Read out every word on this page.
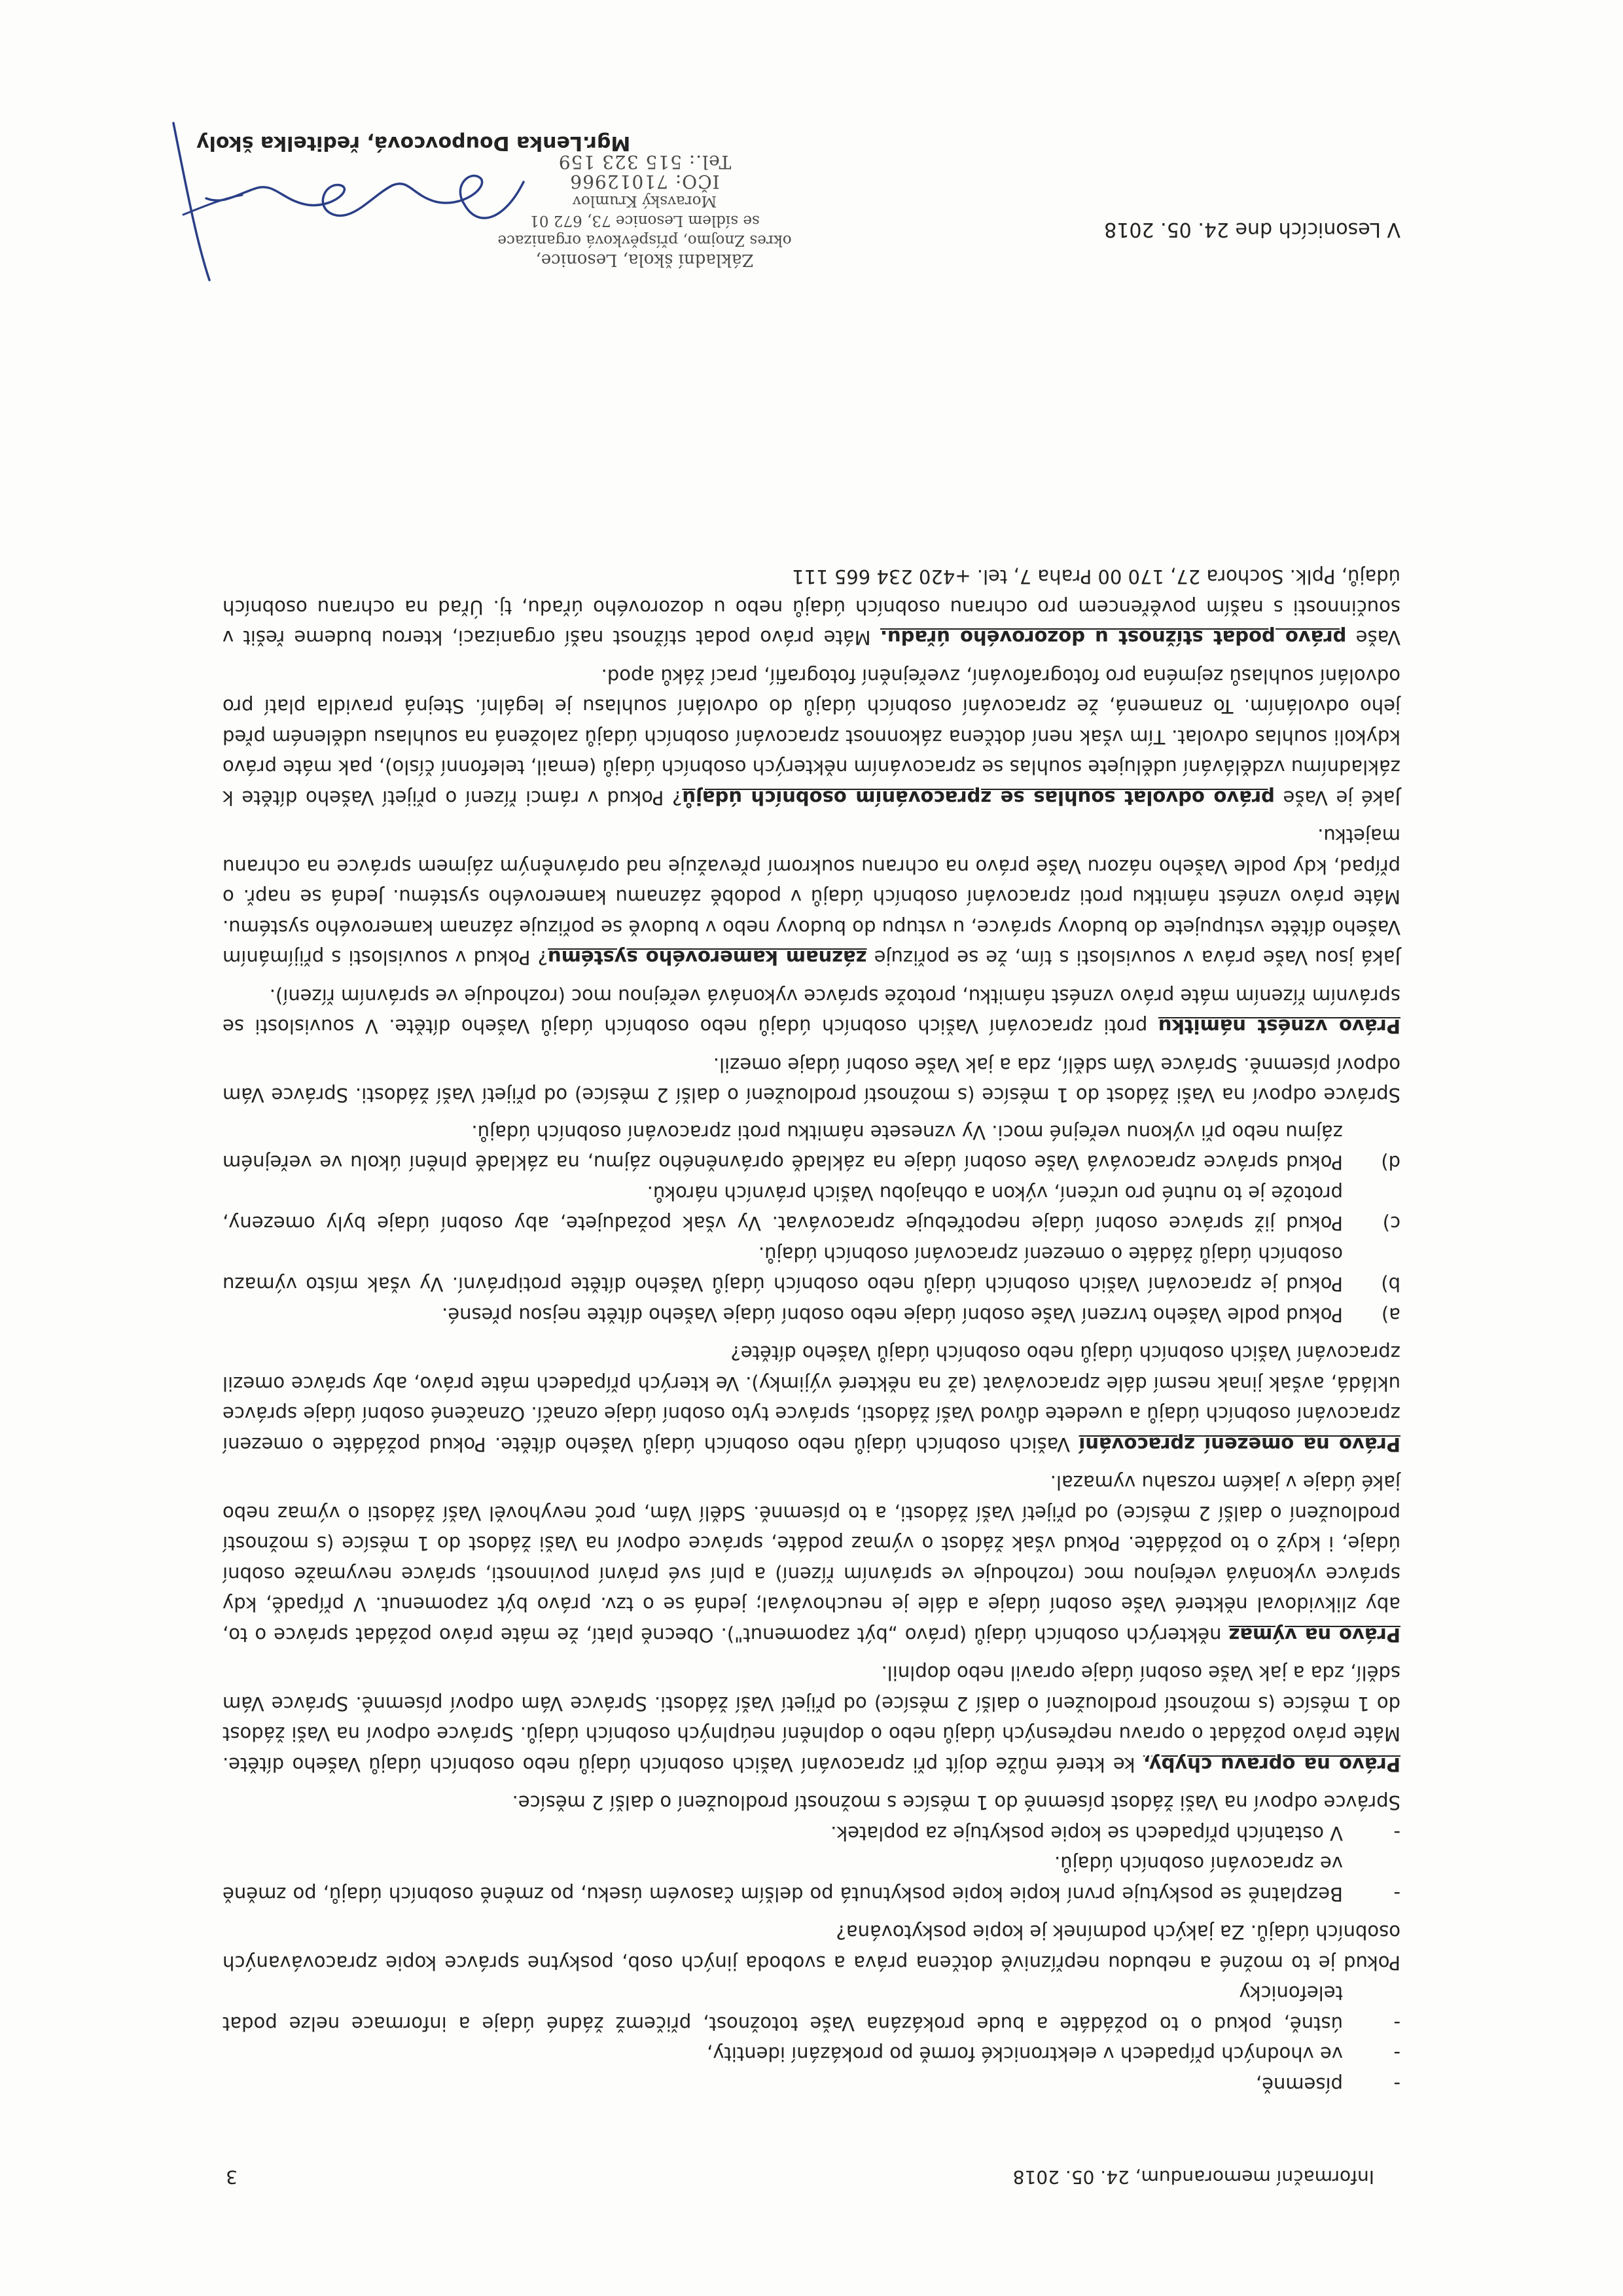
Informační memorandum, 24. 05. 2018
3
-
písemně,
-
ve vhodných případech v elektronické formě po prokázání identity,
-
ústně, pokud o to požádáte a bude prokázána Vaše totožnost, přičemž žádné údaje a informace nelze podat telefonicky

Pokud je to možné a nebudou nepříznivě dotčena práva a svoboda jiných osob, poskytne správce kopie zpracovávaných osobních údajů. Za jakých podmínek je kopie poskytována?

-
Bezplatně se poskytuje první kopie kopie poskytnutá po delším časovém úseku, po změně osobních údajů, po změně ve zpracování osobních údajů.
-
V ostatních případech se kopie poskytuje za poplatek.

Správce odpoví na Vaši žádost písemně do 1 měsíce s možností prodloužení o další 2 měsíce.

Právo na opravu chyby, ke které může dojít při zpracování Vašich osobních údajů nebo osobních údajů Vašeho dítěte. Máte právo požádat o opravu nepřesných údajů nebo o doplnění neúplných osobních údajů. Správce odpoví na Vaši žádost do 1 měsíce (s možností prodloužení o další 2 měsíce) od přijetí Vaší žádosti. Správce Vám odpoví písemně. Správce Vám sdělí, zda a jak Vaše osobní údaje opravil nebo doplnil.

Právo na výmaz některých osobních údajů (právo „být zapomenut"). Obecně platí, že máte právo požádat správce o to, aby zlikvidoval některé Vaše osobní údaje a dále je neuchovával; jedná se o tzv. právo být zapomenut. V případě, kdy správce vykonává veřejnou moc (rozhoduje ve správním řízení) a plní své právní povinnosti, správce nevymaže osobní údaje, i když o to požádáte. Pokud však žádost o výmaz podáte, správce odpoví na Vaši žádost do 1 měsíce (s možností prodloužení o další 2 měsíce) od přijetí Vaší žádosti, a to písemně. Sdělí Vám, proč nevyhověl Vaší žádosti o výmaz nebo jaké údaje v jakém rozsahu vymazal.

Právo na omezení zpracování Vašich osobních údajů nebo osobních údajů Vašeho dítěte. Pokud požádáte o omezení zpracování osobních údajů a uvedete důvod Vaší žádosti, správce tyto osobní údaje označí. Označené osobní údaje správce ukládá, avšak jinak nesmí dále zpracovávat (až na některé výjimky). Ve kterých případech máte právo, aby správce omezil zpracování Vašich osobních údajů nebo osobních údajů Vašeho dítěte?

a)
Pokud podle Vašeho tvrzení Vaše osobní údaje nebo osobní údaje Vašeho dítěte nejsou přesné.
b)
Pokud je zpracování Vašich osobních údajů nebo osobních údajů Vašeho dítěte protiprávní. Vy však místo výmazu osobních údajů žádáte o omezení zpracování osobních údajů.
c)
Pokud již správce osobní údaje nepotřebuje zpracovávat. Vy však požadujete, aby osobní údaje byly omezeny, protože je to nutné pro určení, výkon a obhajobu Vašich právních nároků.
d)
Pokud správce zpracovává Vaše osobní údaje na základě oprávněného zájmu, na základě plnění úkolu ve veřejném zájmu nebo při výkonu veřejné moci. Vy vznesete námitku proti zpracování osobních údajů.

Správce odpoví na Vaši žádost do 1 měsíce (s možností prodloužení o další 2 měsíce) od přijetí Vaší žádosti. Správce Vám odpoví písemně. Správce Vám sdělí, zda a jak Vaše osobní údaje omezil.

Právo vznést námitku proti zpracování Vašich osobních údajů nebo osobních údajů Vašeho dítěte. V souvislosti se správním řízením máte právo vznést námitku, protože správce vykonává veřejnou moc (rozhoduje ve správním řízení).

Jaká jsou Vaše práva v souvislosti s tím, že se pořizuje záznam kamerového systému? Pokud v souvislosti s přijímáním Vašeho dítěte vstupujete do budovy správce, u vstupu do budovy nebo v budově se pořizuje záznam kamerového systému. Máte právo vznést námitku proti zpracování osobních údajů v podobě záznamu kamerového systému. Jedná se např. o případ, kdy podle Vašeho názoru Vaše právo na ochranu soukromí převažuje nad oprávněným zájmem správce na ochranu majetku.

Jaké je Vaše právo odvolat souhlas se zpracováním osobních údajů? Pokud v rámci řízení o přijetí Vašeho dítěte k základnímu vzdělávání udělujete souhlas se zpracováním některých osobních údajů (email, telefonní číslo), pak máte právo kdykoli souhlas odvolat. Tím však není dotčena zákonnost zpracování osobních údajů založená na souhlasu uděleném před jeho odvoláním. To znamená, že zpracování osobních údajů do odvolání souhlasu je legální. Stejná pravidla platí pro odvolání souhlasů zejména pro fotografování, zveřejnění fotografií, prací žáků apod.

Vaše právo podat stížnost u dozorového úřadu. Máte právo podat stížnost naší organizaci, kterou budeme řešit v součinnosti s naším pověřencem pro ochranu osobních údajů nebo u dozorového úřadu, tj. Úřad na ochranu osobních údajů, Pplk. Sochora 27, 170 00 Praha 7, tel. +420 234 665 111

V Lesonicích dne 24. 05. 2018
Základní škola, Lesonice,
okres Znojmo, příspěvková organizace
se sídlem Lesonice 73, 672 01 Moravský Krumlov
IČO: 71012966
Tel.: 515 323 159
Mgr.Lenka Doupovcová, ředitelka školy
